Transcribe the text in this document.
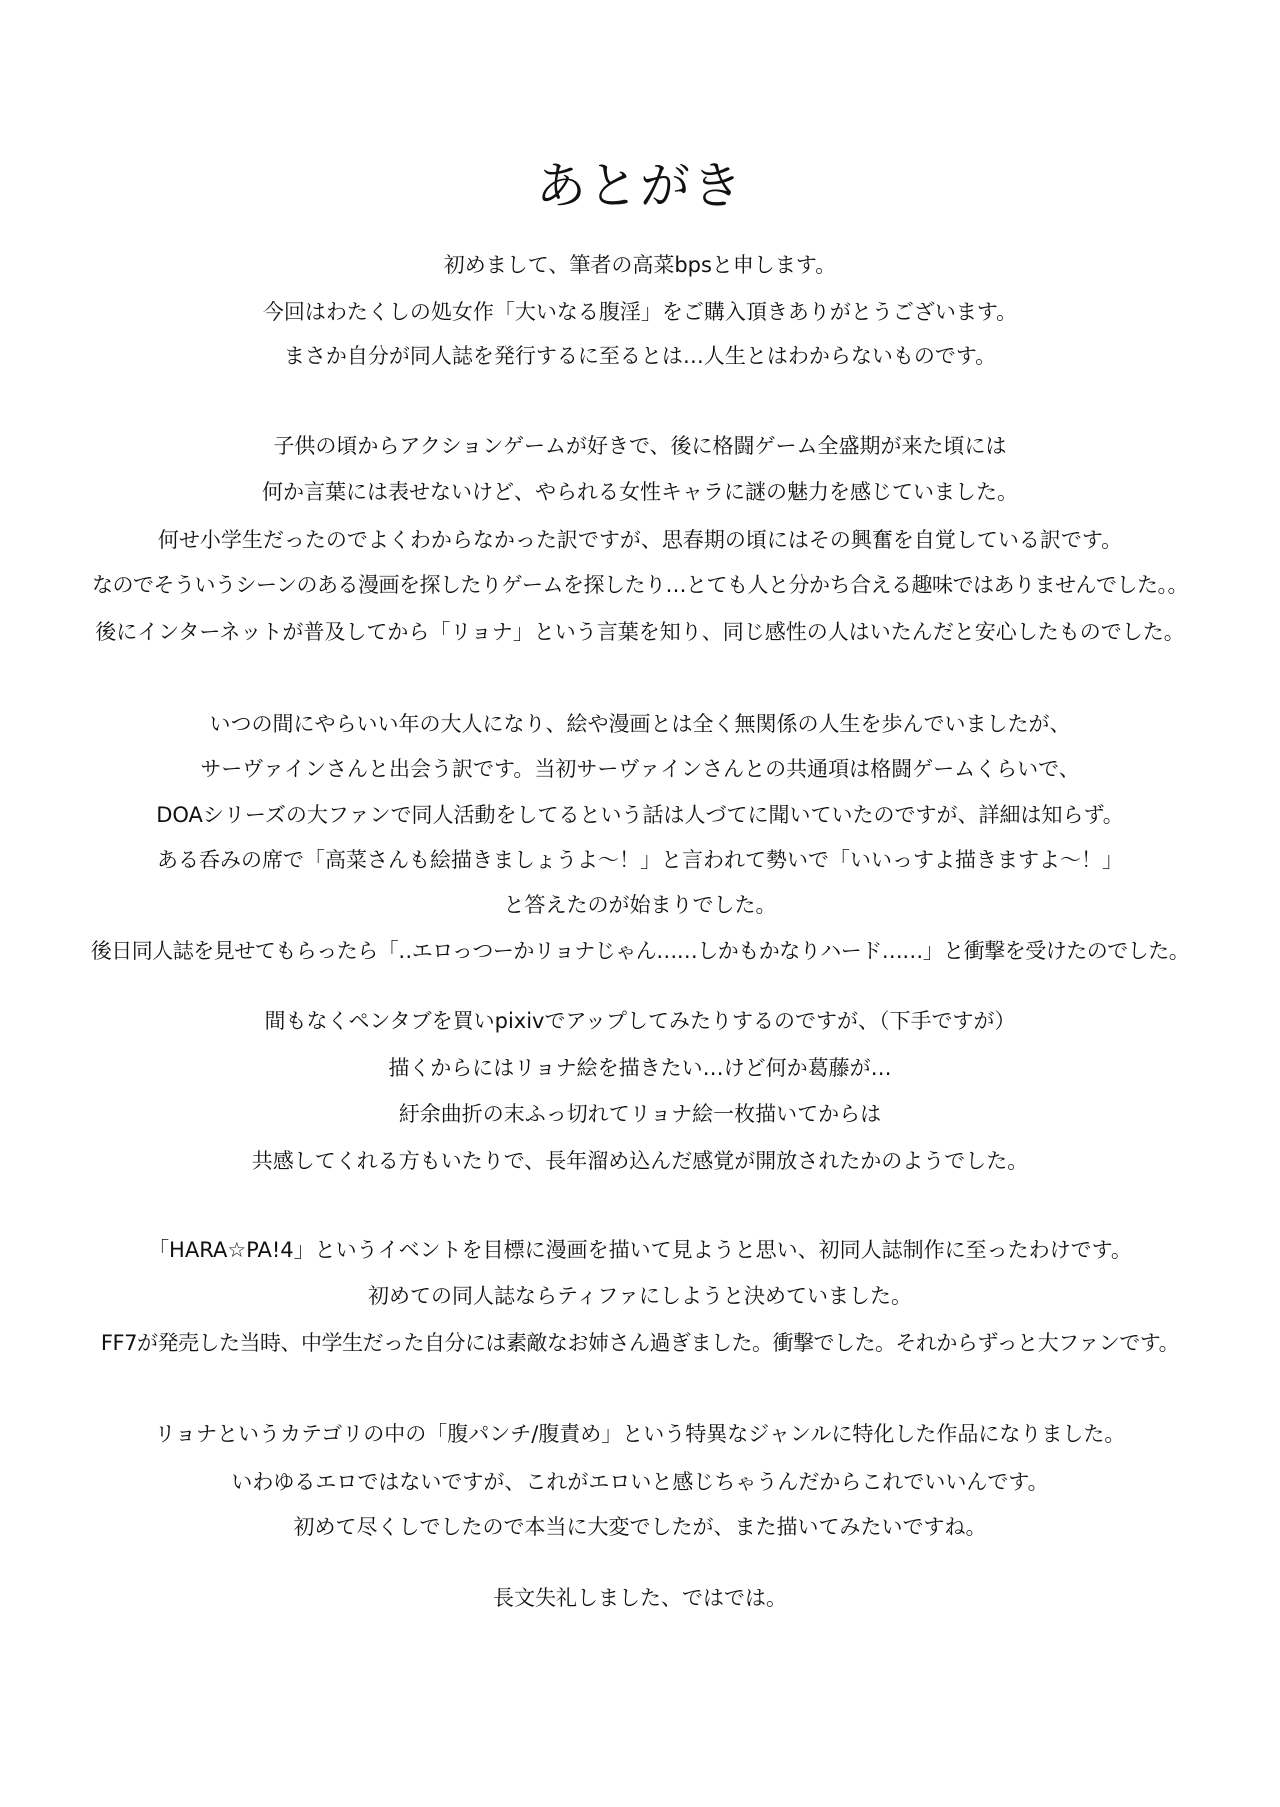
あとがき

初めまして、筆者の高菜bpsと申します。

今回はわたくしの処女作「大いなる腹淫」をご購入頂きありがとうございます。

まさか自分が同人誌を発行するに至るとは…人生とはわからないものです。

子供の頃からアクションゲームが好きで、後に格闘ゲーム全盛期が来た頃には

何か言葉には表せないけど、やられる女性キャラに謎の魅力を感じていました。

何せ小学生だったのでよくわからなかった訳ですが、思春期の頃にはその興奮を自覚している訳です。

なのでそういうシーンのある漫画を探したりゲームを探したり…とても人と分かち合える趣味ではありませんでした。。

後にインターネットが普及してから「リョナ」という言葉を知り、同じ感性の人はいたんだと安心したものでした。

いつの間にやらいい年の大人になり、絵や漫画とは全く無関係の人生を歩んでいましたが、

サーヴァインさんと出会う訳です。当初サーヴァインさんとの共通項は格闘ゲームくらいで、

DOAシリーズの大ファンで同人活動をしてるという話は人づてに聞いていたのですが、詳細は知らず。

ある呑みの席で「高菜さんも絵描きましょうよ～！」と言われて勢いで「いいっすよ描きますよ～！」

と答えたのが始まりでした。

後日同人誌を見せてもらったら「‥エロっつーかリョナじゃん……しかもかなりハード……」と衝撃を受けたのでした。

間もなくペンタブを買いpixivでアップしてみたりするのですが、（下手ですが）

描くからにはリョナ絵を描きたい…けど何か葛藤が…

紆余曲折の末ふっ切れてリョナ絵一枚描いてからは

共感してくれる方もいたりで、長年溜め込んだ感覚が開放されたかのようでした。

「HARA☆PA!4」というイベントを目標に漫画を描いて見ようと思い、初同人誌制作に至ったわけです。

初めての同人誌ならティファにしようと決めていました。

FF7が発売した当時、中学生だった自分には素敵なお姉さん過ぎました。衝撃でした。それからずっと大ファンです。

リョナというカテゴリの中の「腹パンチ/腹責め」という特異なジャンルに特化した作品になりました。

いわゆるエロではないですが、これがエロいと感じちゃうんだからこれでいいんです。

初めて尽くしでしたので本当に大変でしたが、また描いてみたいですね。

長文失礼しました、ではでは。
